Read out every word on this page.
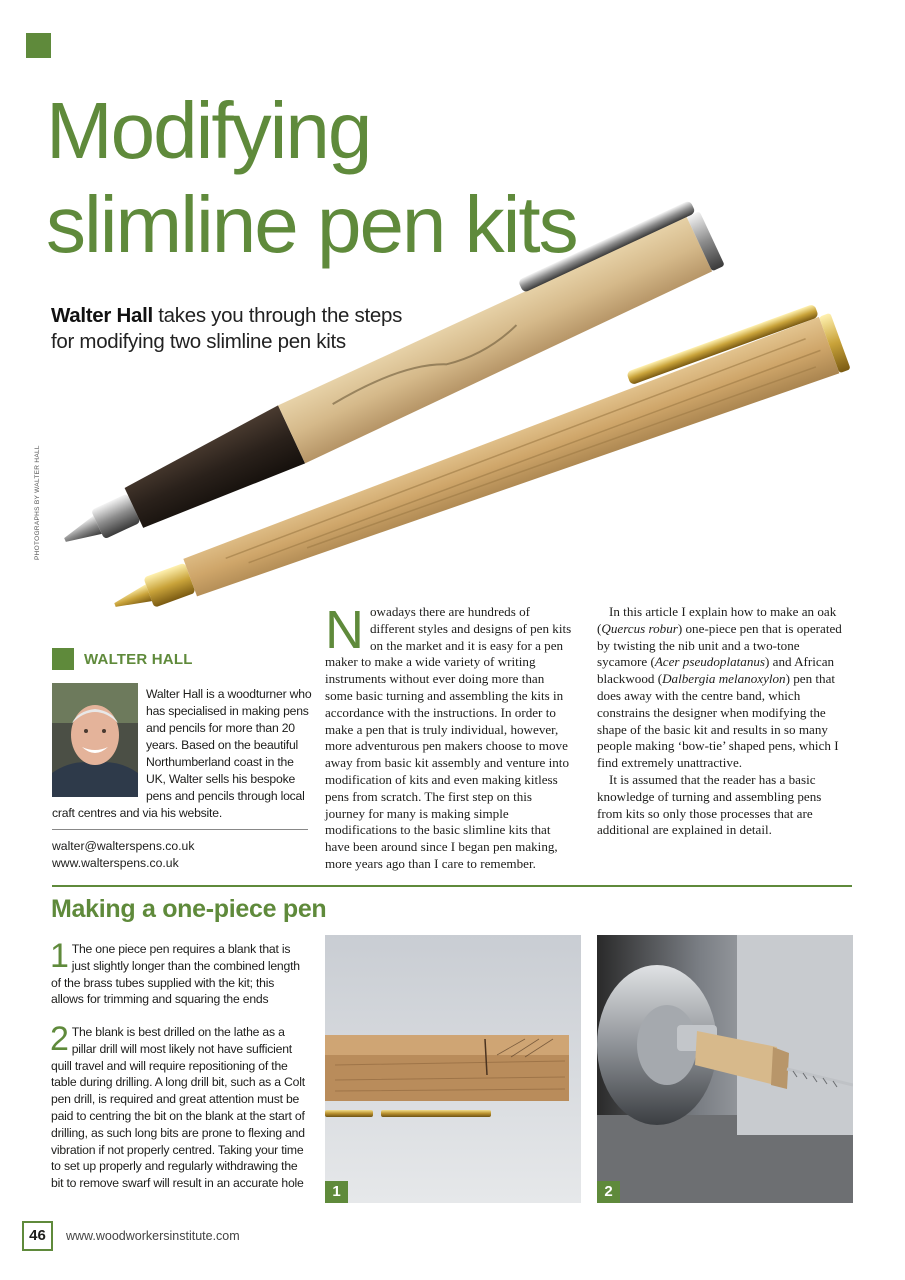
Modifying
slimline pen kits
Walter Hall takes you through the steps for modifying two slimline pen kits
PHOTOGRAPHS BY WALTER HALL
WALTER HALL
Walter Hall is a woodturner who has specialised in making pens and pencils for more than 20 years. Based on the beautiful Northumberland coast in the UK, Walter sells his bespoke pens and pencils through local craft centres and via his website.
walter@walterspens.co.uk
www.walterspens.co.uk

Nowadays there are hundreds of different styles and designs of pen kits on the market and it is easy for a pen maker to make a wide variety of writing instruments without ever doing more than some basic turning and assembling the kits in accordance with the instructions. In order to make a pen that is truly individual, however, more adventurous pen makers choose to move away from basic kit assembly and venture into modification of kits and even making kitless pens from scratch. The first step on this journey for many is making simple modifications to the basic slimline kits that have been around since I began pen making, more years ago than I care to remember.

In this article I explain how to make an oak (Quercus robur) one-piece pen that is operated by twisting the nib unit and a two-tone sycamore (Acer pseudoplatanus) and African blackwood (Dalbergia melanoxylon) pen that does away with the centre band, which constrains the designer when modifying the shape of the basic kit and results in so many people making ‘bow-tie’ shaped pens, which I find extremely unattractive.

It is assumed that the reader has a basic knowledge of turning and assembling pens from kits so only those processes that are additional are explained in detail.

Making a one-piece pen
1 The one piece pen requires a blank that is just slightly longer than the combined length of the brass tubes supplied with the kit; this allows for trimming and squaring the ends
2 The blank is best drilled on the lathe as a pillar drill will most likely not have sufficient quill travel and will require repositioning of the table during drilling. A long drill bit, such as a Colt pen drill, is required and great attention must be paid to centring the bit on the blank at the start of drilling, as such long bits are prone to flexing and vibration if not properly centred. Taking your time to set up properly and regularly withdrawing the bit to remove swarf will result in an accurate hole	1	2
46	www.woodworkersinstitute.com
